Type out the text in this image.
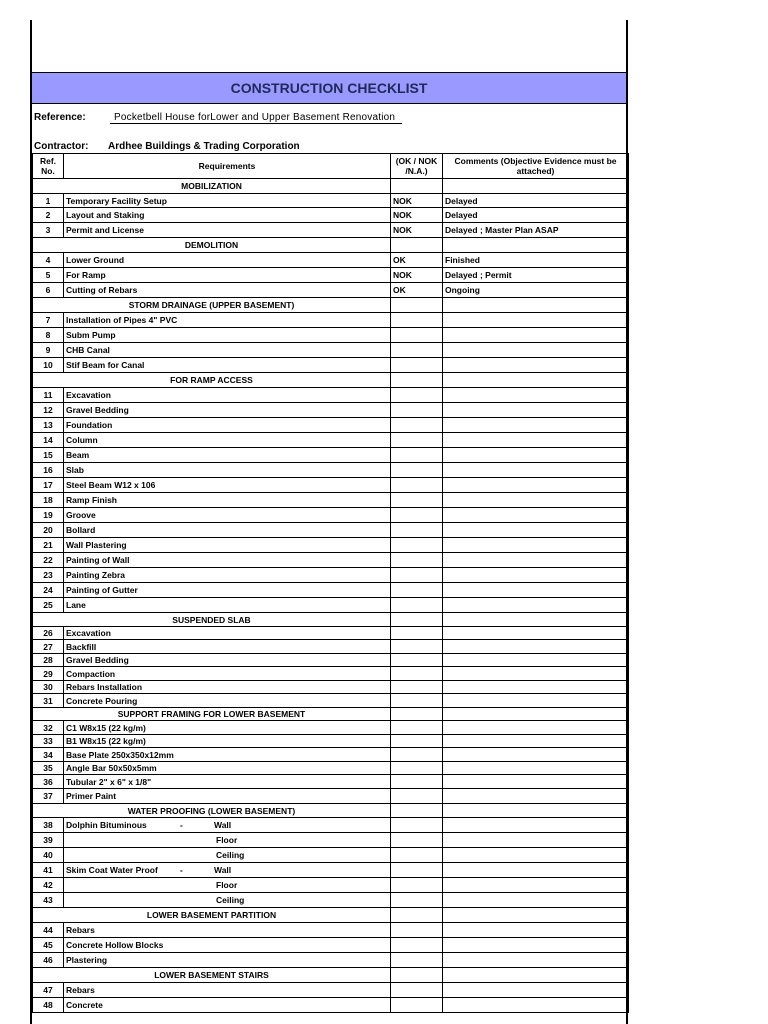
CONSTRUCTION CHECKLIST
Reference:	Pocketbell House forLower and Upper Basement Renovation
Contractor: Ardhee Buildings & Trading Corporation
Ref. No.	Requirements	(OK / NOK /N.A.)	Comments (Objective Evidence must be attached)
MOBILIZATION			
1	Temporary Facility Setup	NOK	Delayed
2	Layout and Staking	NOK	Delayed
3	Permit and License	NOK	Delayed ; Master Plan ASAP
DEMOLITION			
4	Lower Ground	OK	Finished
5	For Ramp	NOK	Delayed ; Permit
6	Cutting of Rebars	OK	Ongoing
STORM DRAINAGE (UPPER BASEMENT)			
7	Installation of Pipes 4" PVC		
8	Subm Pump		
9	CHB Canal		
10	Stif Beam for Canal		
FOR RAMP ACCESS			
11	Excavation		
12	Gravel Bedding		
13	Foundation		
14	Column		
15	Beam		
16	Slab		
17	Steel Beam W12 x 106		
18	Ramp Finish		
19	Groove		
20	Bollard		
21	Wall Plastering		
22	Painting of Wall		
23	Painting Zebra		
24	Painting of Gutter		
25	Lane		
SUSPENDED SLAB			
26	Excavation		
27	Backfill		
28	Gravel Bedding		
29	Compaction		
30	Rebars Installation		
31	Concrete Pouring		
SUPPORT FRAMING FOR LOWER BASEMENT			
32	C1 W8x15 (22 kg/m)		
33	B1 W8x15 (22 kg/m)		
34	Base Plate 250x350x12mm		
35	Angle Bar 50x50x5mm		
36	Tubular 2" x 6" x 1/8"		
37	Primer Paint		
WATER PROOFING (LOWER BASEMENT)			
38	Dolphin Bituminous - Wall		

39	Floor		

40	Ceiling		

41	Skim Coat Water Proof - Wall		

42	Floor		

43	Ceiling		

LOWER BASEMENT PARTITION			
44	Rebars		
45	Concrete Hollow Blocks		
46	Plastering		
LOWER BASEMENT STAIRS			
47	Rebars		
48	Concrete		
